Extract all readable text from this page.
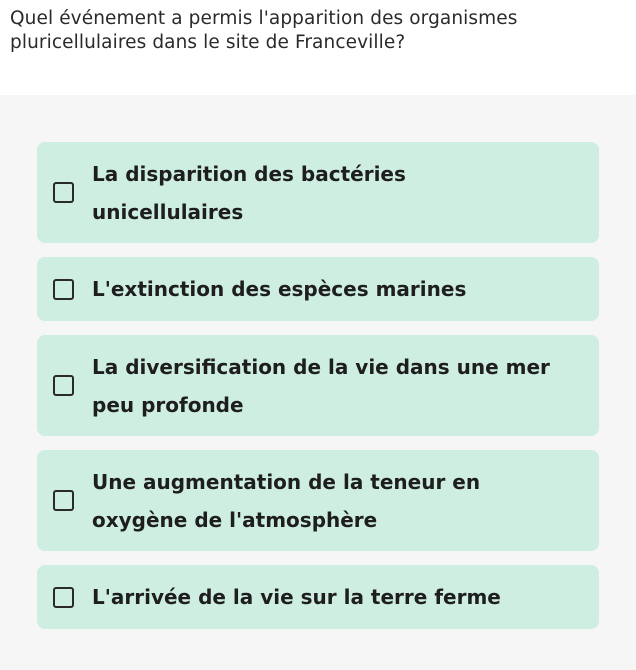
Quel événement a permis l'apparition des organismes pluricellulaires dans le site de Franceville?
La disparition des bactéries unicellulaires
L'extinction des espèces marines
La diversification de la vie dans une mer peu profonde
Une augmentation de la teneur en oxygène de l'atmosphère
L'arrivée de la vie sur la terre ferme
